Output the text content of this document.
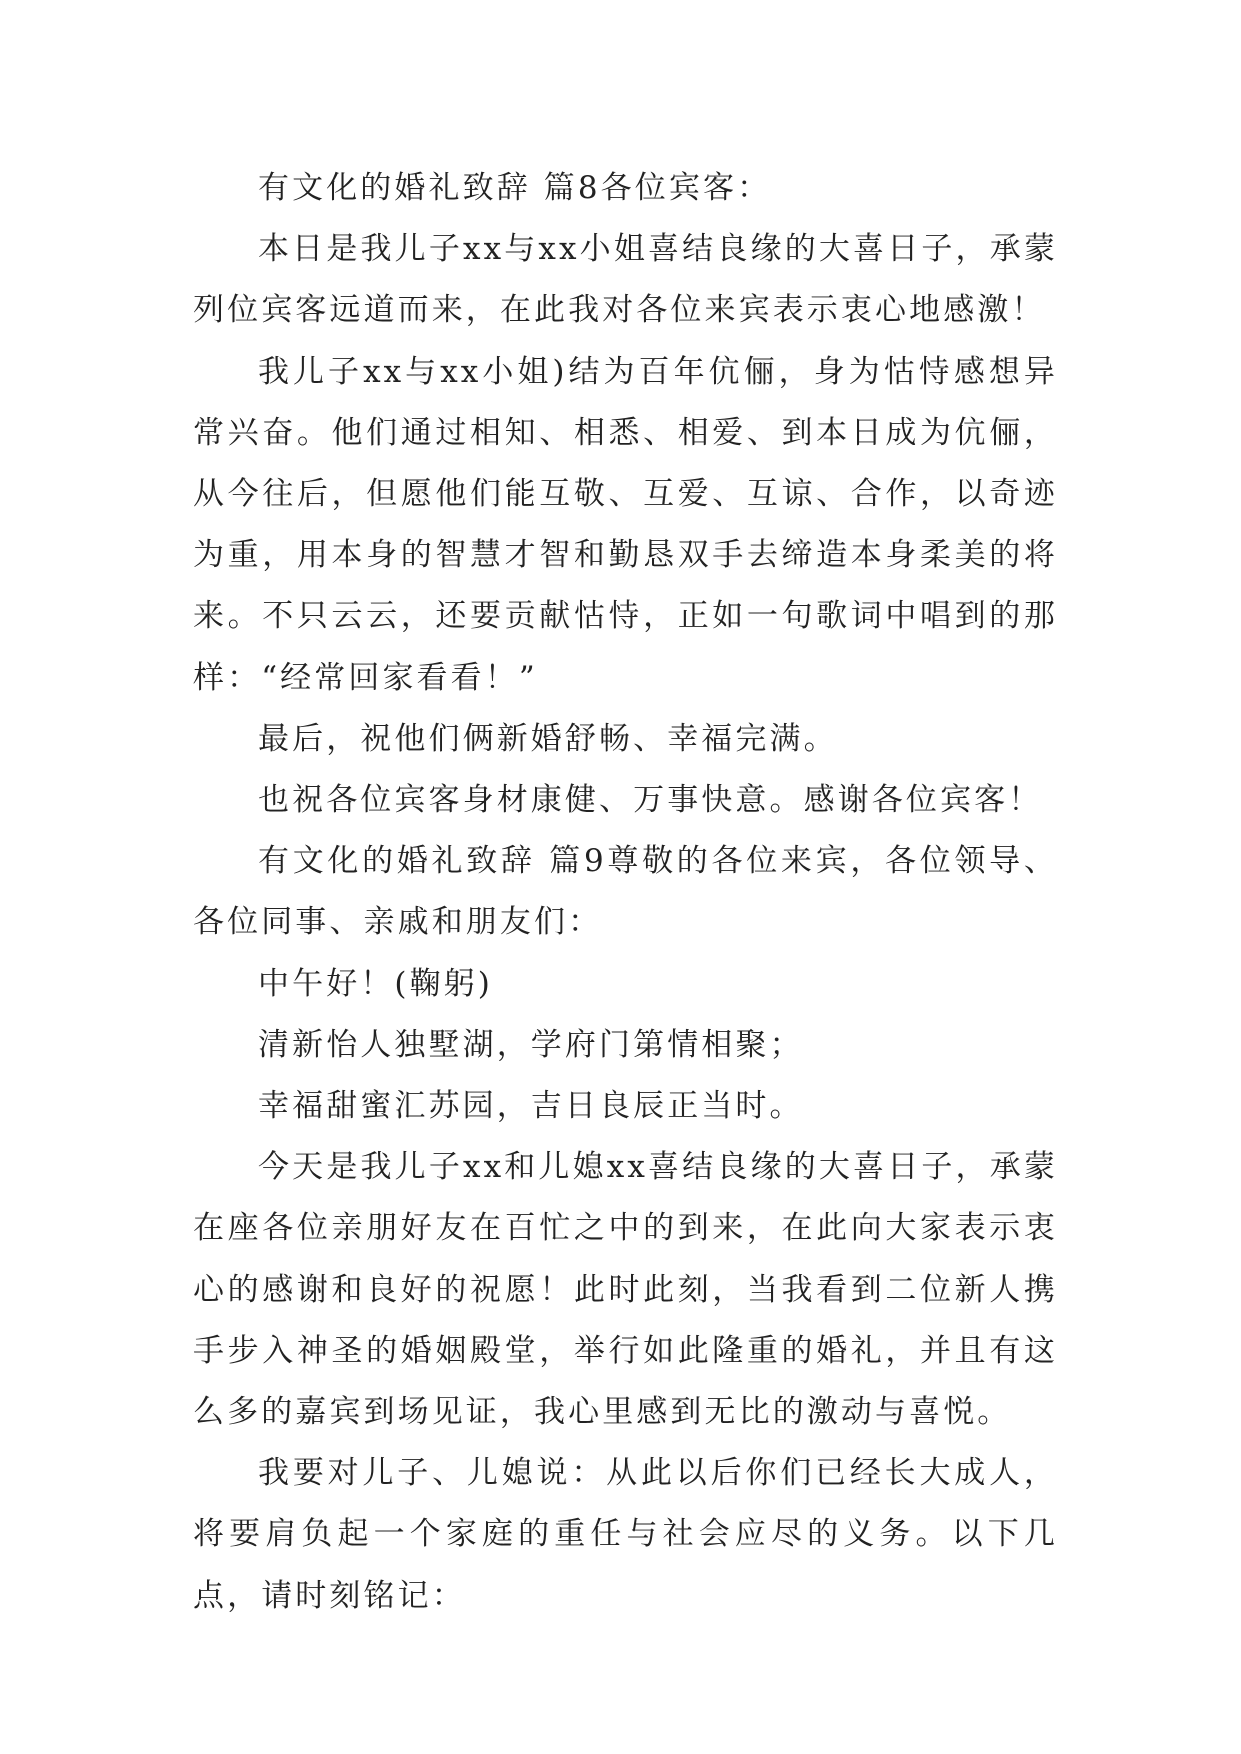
有文化的婚礼致辞 篇8各位宾客：

本日是我儿子xx与xx小姐喜结良缘的大喜日子，承蒙列位宾客远道而来，在此我对各位来宾表示衷心地感激！

我儿子xx与xx小姐)结为百年伉俪，身为怙恃感想异常兴奋。他们通过相知、相悉、相爱、到本日成为伉俪，从今往后，但愿他们能互敬、互爱、互谅、合作，以奇迹为重，用本身的智慧才智和勤恳双手去缔造本身柔美的将来。不只云云，还要贡献怙恃，正如一句歌词中唱到的那样：“经常回家看看！”

最后，祝他们俩新婚舒畅、幸福完满。

也祝各位宾客身材康健、万事快意。感谢各位宾客！

有文化的婚礼致辞 篇9尊敬的各位来宾，各位领导、各位同事、亲戚和朋友们：

中午好！(鞠躬)

清新怡人独墅湖，学府门第情相聚；

幸福甜蜜汇苏园，吉日良辰正当时。

今天是我儿子xx和儿媳xx喜结良缘的大喜日子，承蒙在座各位亲朋好友在百忙之中的到来，在此向大家表示衷心的感谢和良好的祝愿！此时此刻，当我看到二位新人携手步入神圣的婚姻殿堂，举行如此隆重的婚礼，并且有这么多的嘉宾到场见证，我心里感到无比的激动与喜悦。

我要对儿子、儿媳说：从此以后你们已经长大成人，将要肩负起一个家庭的重任与社会应尽的义务。以下几点，请时刻铭记：
